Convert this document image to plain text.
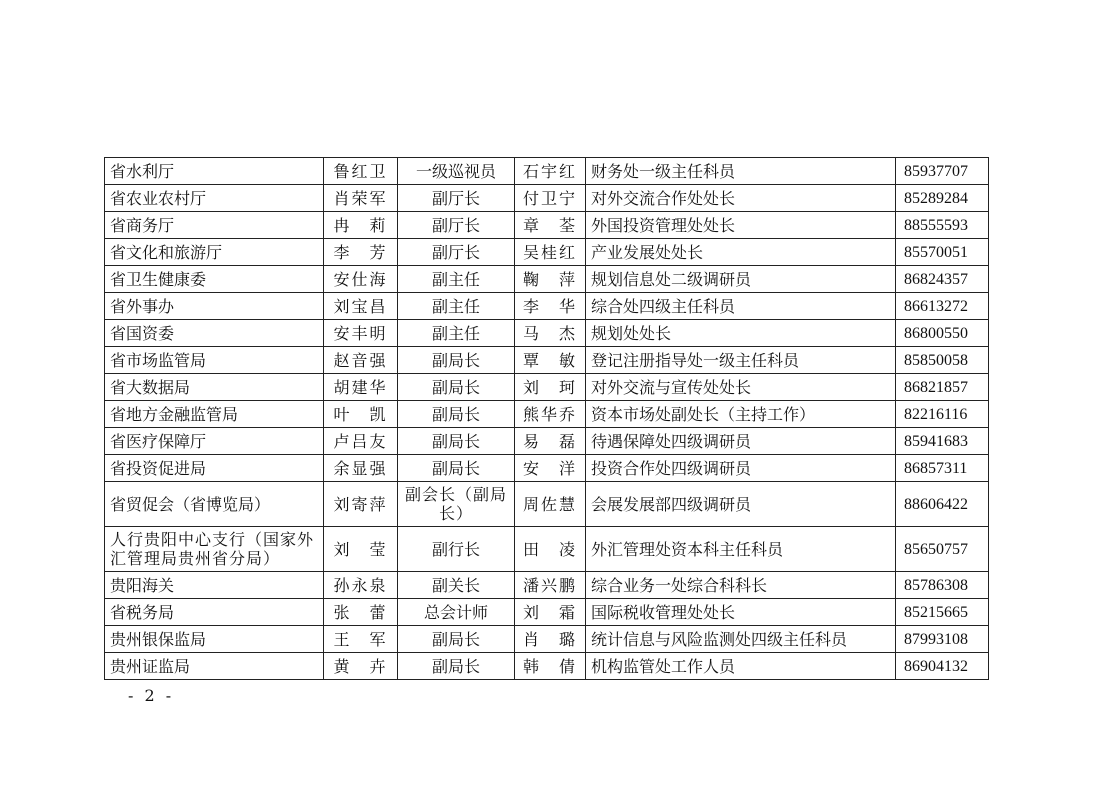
省水利厅	鲁红卫	一级巡视员	石宇红	财务处一级主任科员	85937707
省农业农村厅	肖荣军	副厅长	付卫宁	对外交流合作处处长	85289284
省商务厅	冉　莉	副厅长	章　荃	外国投资管理处处长	88555593
省文化和旅游厅	李　芳	副厅长	吴桂红	产业发展处处长	85570051
省卫生健康委	安仕海	副主任	鞠　萍	规划信息处二级调研员	86824357
省外事办	刘宝昌	副主任	李　华	综合处四级主任科员	86613272
省国资委	安丰明	副主任	马　杰	规划处处长	86800550
省市场监管局	赵音强	副局长	覃　敏	登记注册指导处一级主任科员	85850058
省大数据局	胡建华	副局长	刘　珂	对外交流与宣传处处长	86821857
省地方金融监管局	叶　凯	副局长	熊华乔	资本市场处副处长（主持工作）	82216116
省医疗保障厅	卢吕友	副局长	易　磊	待遇保障处四级调研员	85941683
省投资促进局	余显强	副局长	安　洋	投资合作处四级调研员	86857311
省贸促会（省博览局）	刘寄萍	副会长（副局长）	周佐慧	会展发展部四级调研员	88606422
人行贵阳中心支行（国家外汇管理局贵州省分局）	刘　莹	副行长	田　凌	外汇管理处资本科主任科员	85650757
贵阳海关	孙永泉	副关长	潘兴鹏	综合业务一处综合科科长	85786308
省税务局	张　蕾	总会计师	刘　霜	国际税收管理处处长	85215665
贵州银保监局	王　军	副局长	肖　璐	统计信息与风险监测处四级主任科员	87993108
贵州证监局	黄　卉	副局长	韩　倩	机构监管处工作人员	86904132
- 2 -
